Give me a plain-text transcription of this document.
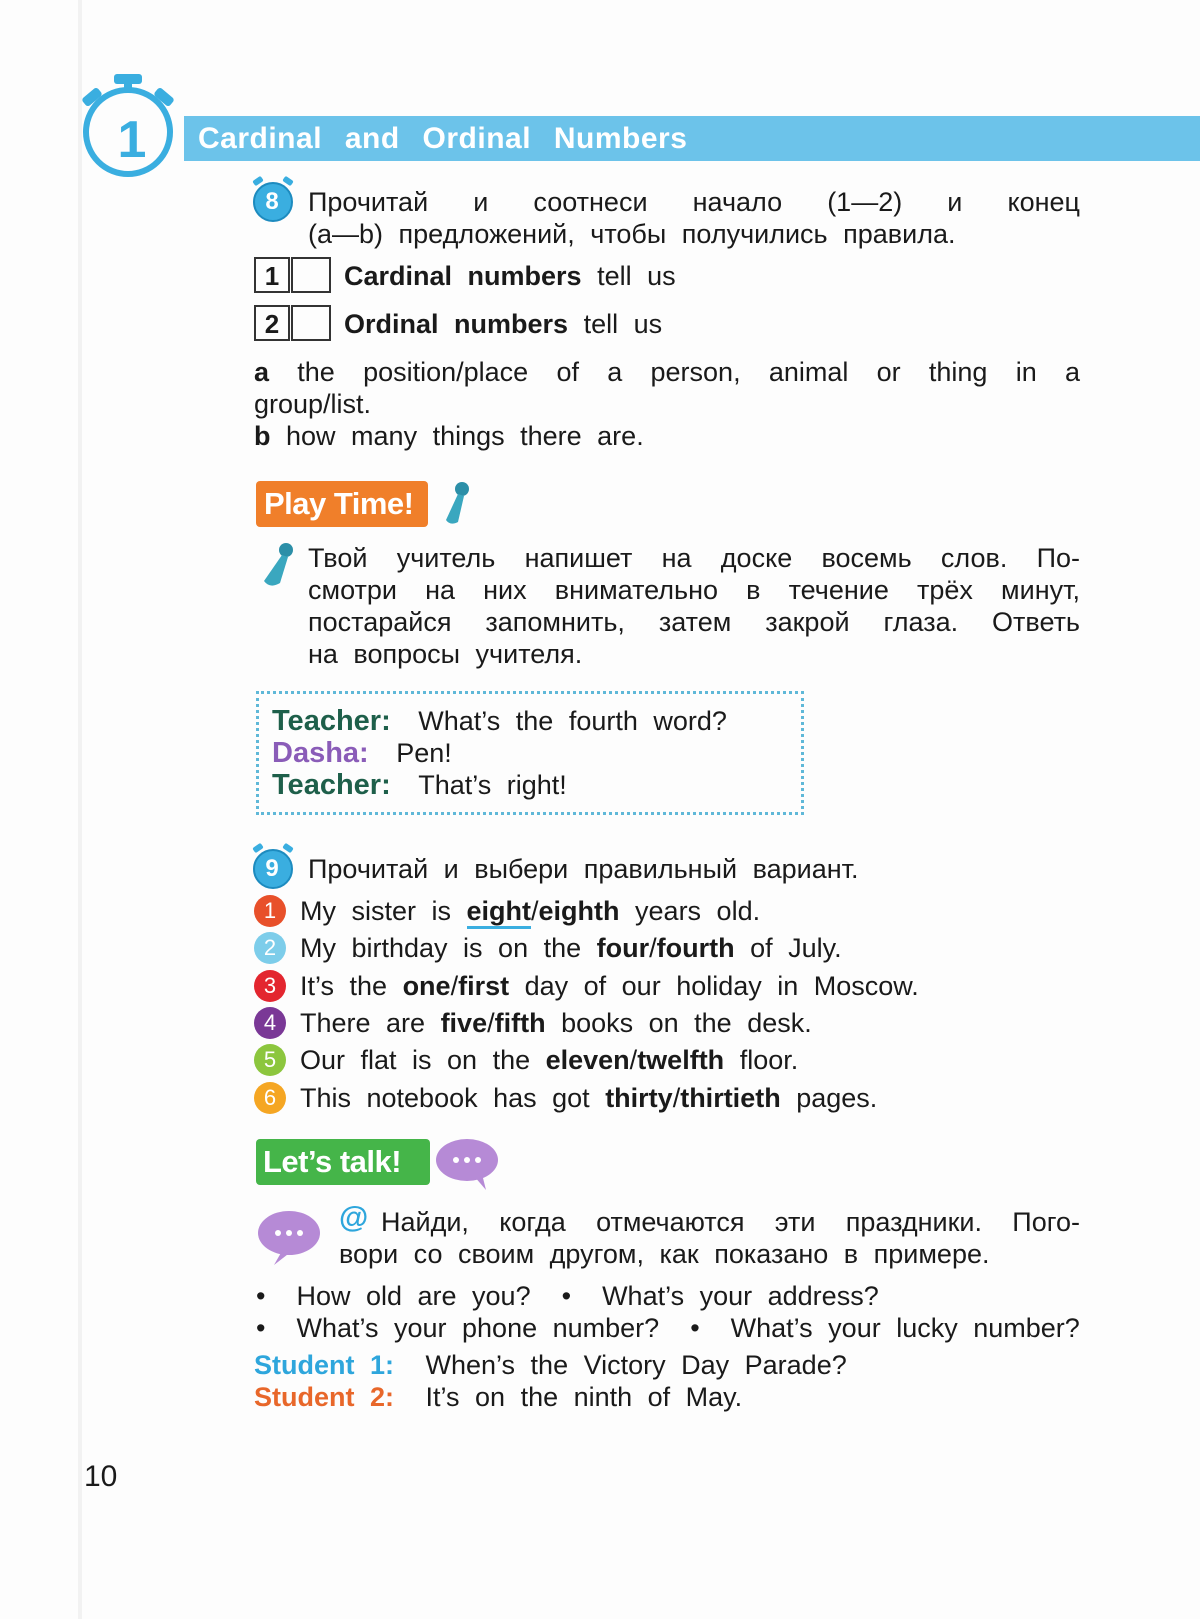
1 Cardinal and Ordinal Numbers
8	Прочитай и соотнеси начало (1—2) и конец
(a—b) предложений, чтобы получились правила.
1	Cardinal numbers tell us
2	Ordinal numbers tell us
a the position/place of a person, animal or thing in a
group/list.
b how many things there are.
Play Time!
Твой учитель напишет на доске восемь слов. По-
смотри на них внимательно в течение трёх минут,
постарайся запомнить, затем закрой глаза. Ответь
на вопросы учителя.
Teacher: What’s the fourth word?
Dasha: Pen!
Teacher: That’s right!
9	Прочитай и выбери правильный вариант.
1 My sister is eight/eighth years old.
2 My birthday is on the four/fourth of July.
3 It’s the one/first day of our holiday in Moscow.
4 There are five/fifth books on the desk.
5 Our flat is on the eleven/twelfth floor.
6 This notebook has got thirty/thirtieth pages.
Let’s talk!
@ Найди, когда отмечаются эти праздники. Пого-
вори со своим другом, как показано в примере.
• How old are you? • What’s your address?
• What’s your phone number? • What’s your lucky number?
Student 1: When’s the Victory Day Parade?
Student 2: It’s on the ninth of May.
10
